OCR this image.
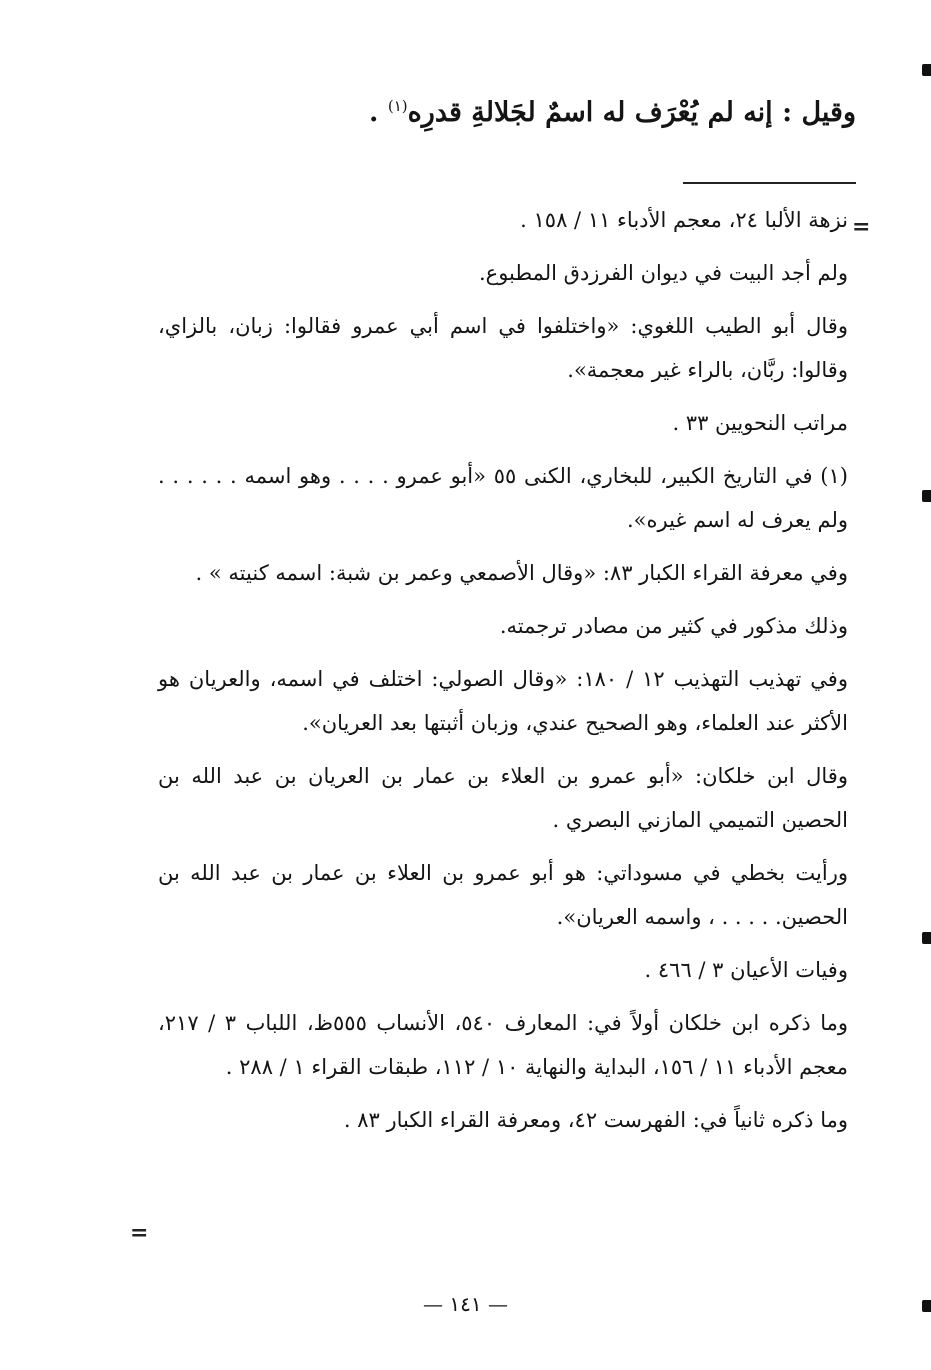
وقيل : إنه لم يُعْرَف له اسمٌ لجَلالةِ قدرِه$^{(١)}$ .
=

نزهة الألبا ٢٤، معجم الأدباء ١١ / ١٥٨ .

ولم أجد البيت في ديوان الفرزدق المطبوع.

وقال أبو الطيب اللغوي: «واختلفوا في اسم أبي عمرو فقالوا: زبان، بالزاي، وقالوا: ربَّان، بالراء غير معجمة».

مراتب النحويين ٣٣ .

(١) في التاريخ الكبير، للبخاري، الكنى ٥٥ «أبو عمرو . . . . وهو اسمه . . . . . . ولم يعرف له اسم غيره».

وفي معرفة القراء الكبار ٨٣: «وقال الأصمعي وعمر بن شبة: اسمه كنيته » .

وذلك مذكور في كثير من مصادر ترجمته.

وفي تهذيب التهذيب ١٢ / ١٨٠: «وقال الصولي: اختلف في اسمه، والعريان هو الأكثر عند العلماء، وهو الصحيح عندي، وزبان أثبتها بعد العريان».

وقال ابن خلكان: «أبو عمرو بن العلاء بن عمار بن العريان بن عبد الله بن الحصين التميمي المازني البصري .

ورأيت بخطي في مسوداتي: هو أبو عمرو بن العلاء بن عمار بن عبد الله بن الحصين. . . . . ، واسمه العريان».

وفيات الأعيان ٣ / ٤٦٦ .

وما ذكره ابن خلكان أولاً في: المعارف ٥٤٠، الأنساب ٥٥٥ظ، اللباب ٣ / ٢١٧، معجم الأدباء ١١ / ١٥٦، البداية والنهاية ١٠ / ١١٢، طبقات القراء ١ / ٢٨٨ .

وما ذكره ثانياً في: الفهرست ٤٢، ومعرفة القراء الكبار ٨٣ .

=
— ١٤١ —
